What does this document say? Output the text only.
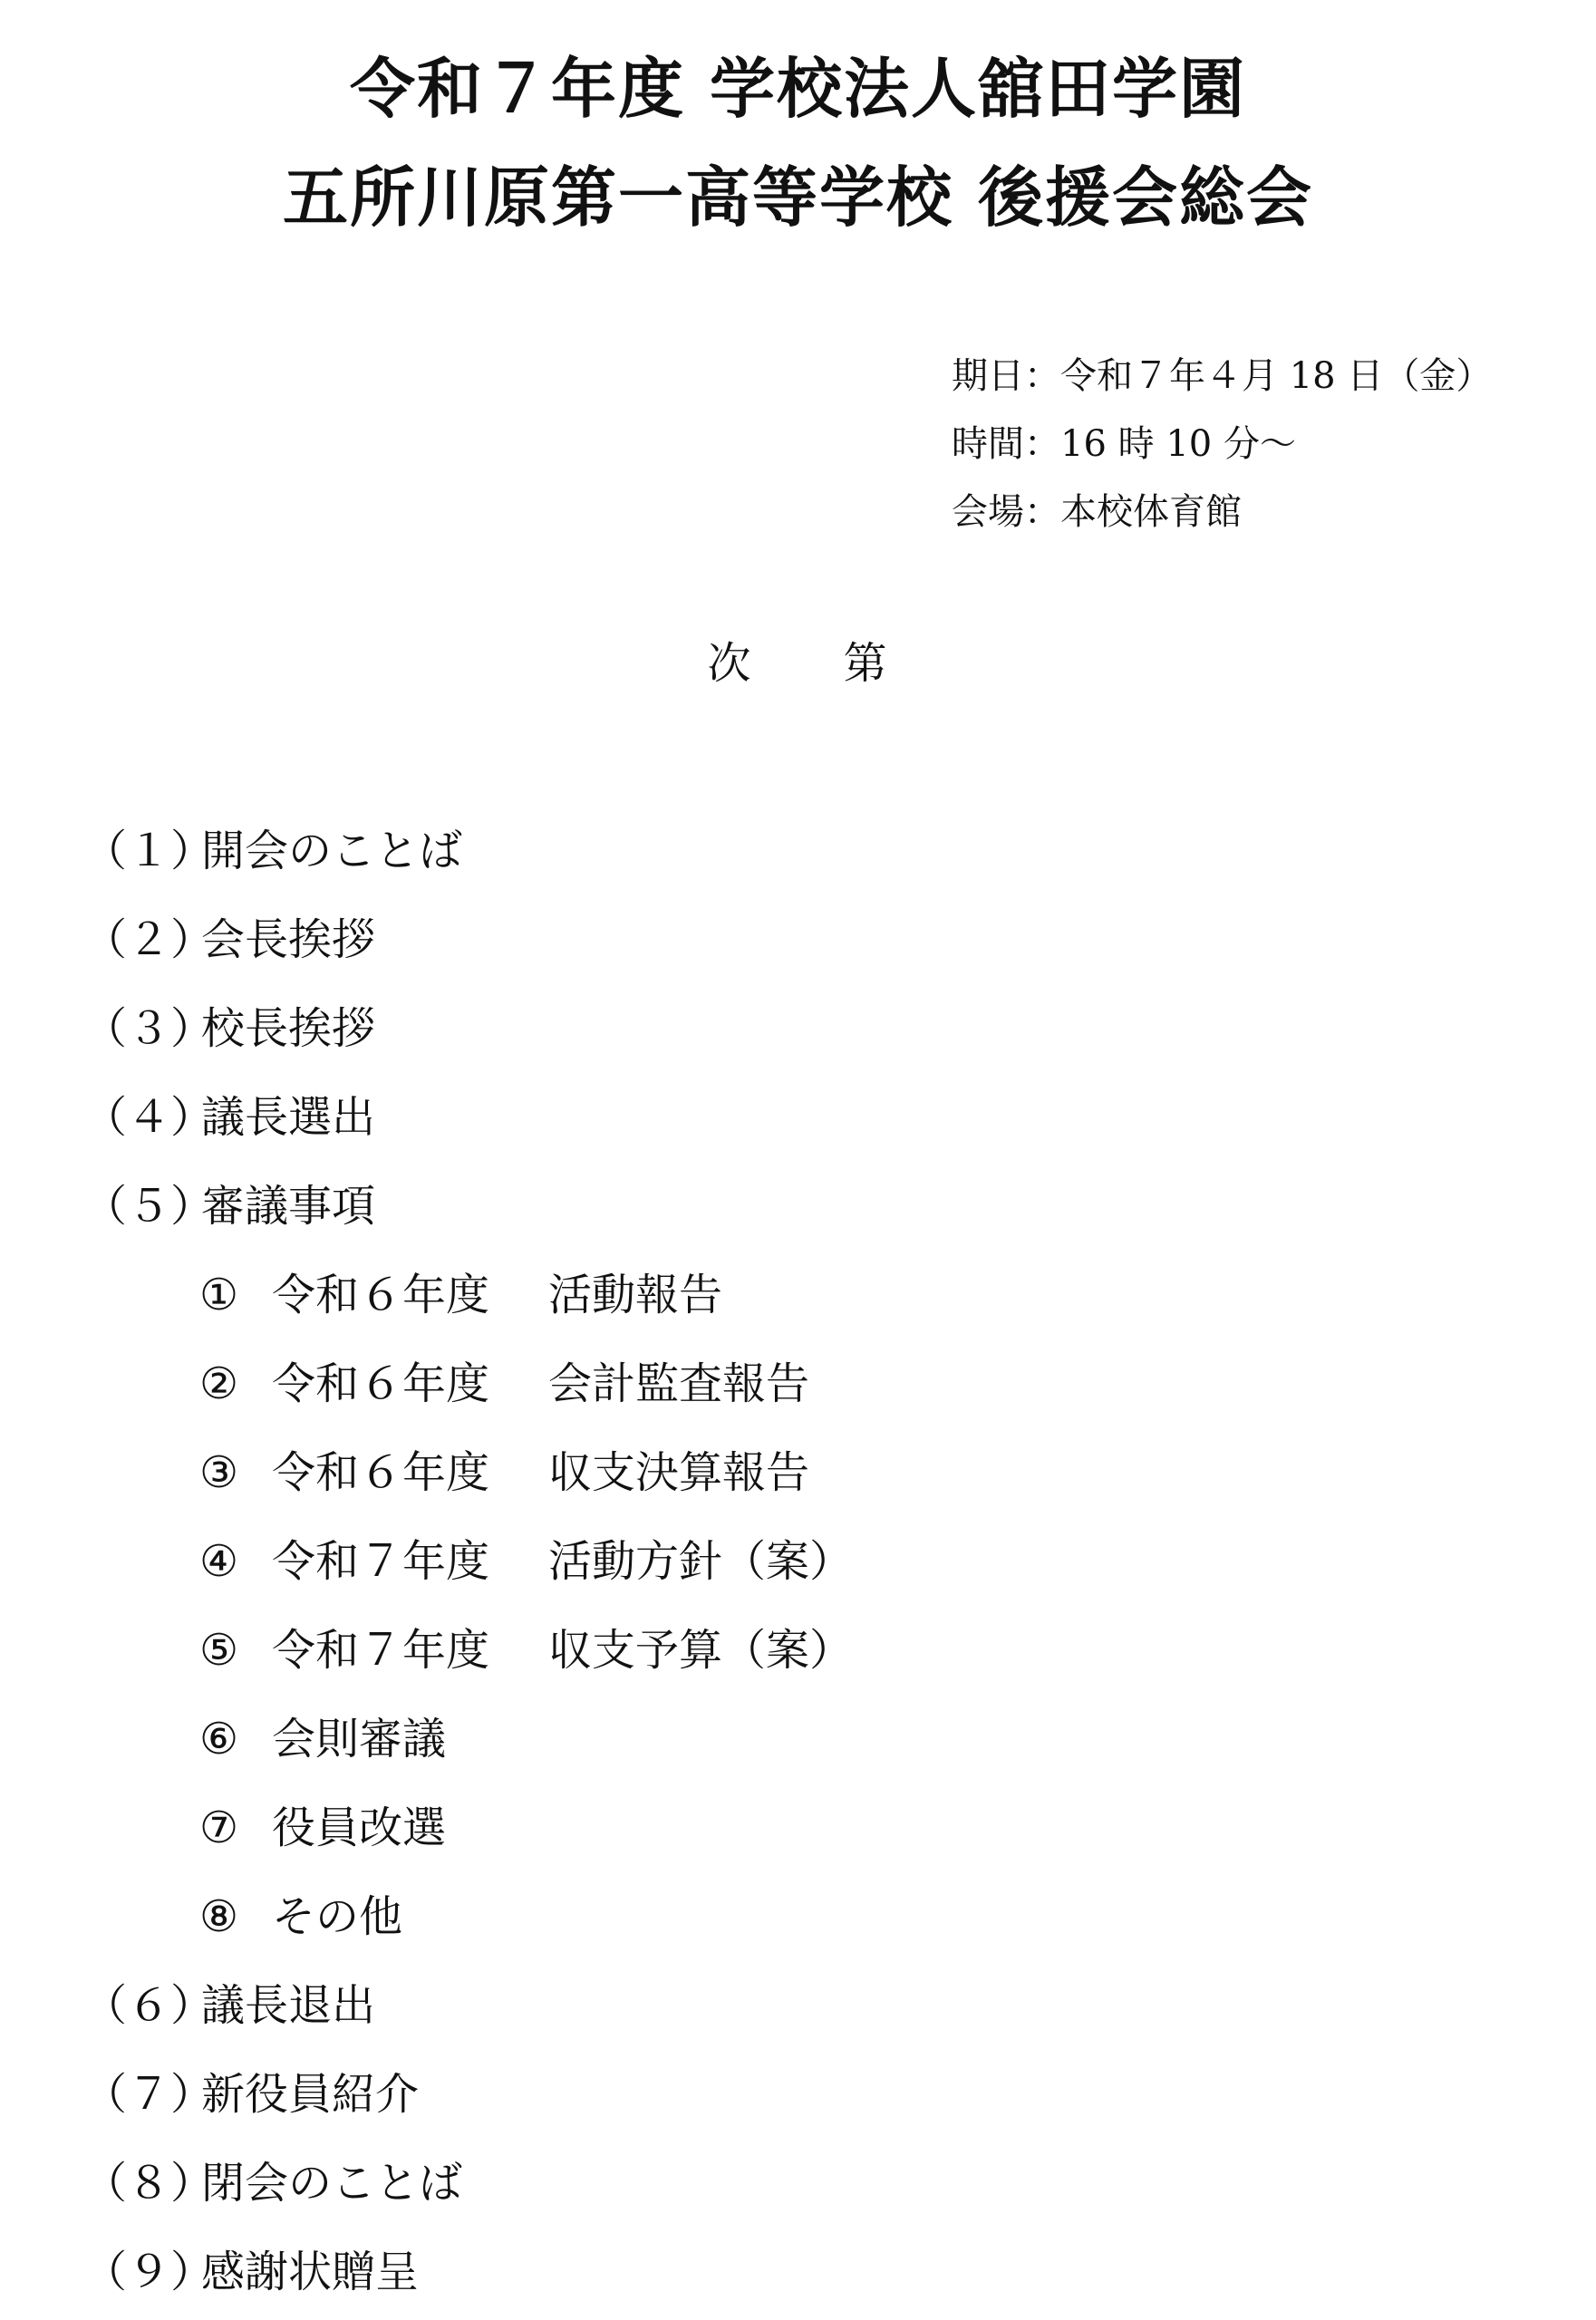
令和７年度 学校法人舘田学園
五所川原第一高等学校 後援会総会
期日：令和７年４月 18 日（金）
時間：16 時 10 分～
会場：本校体育館
次　　第
（１）開会のことば
（２）会長挨拶
（３）校長挨拶
（４）議長選出
（５）審議事項
① 令和６年度 活動報告
② 令和６年度 会計監査報告
③ 令和６年度 収支決算報告
④ 令和７年度 活動方針（案）
⑤ 令和７年度 収支予算（案）
⑥ 会則審議
⑦ 役員改選
⑧ その他
（６）議長退出
（７）新役員紹介
（８）閉会のことば
（９）感謝状贈呈
